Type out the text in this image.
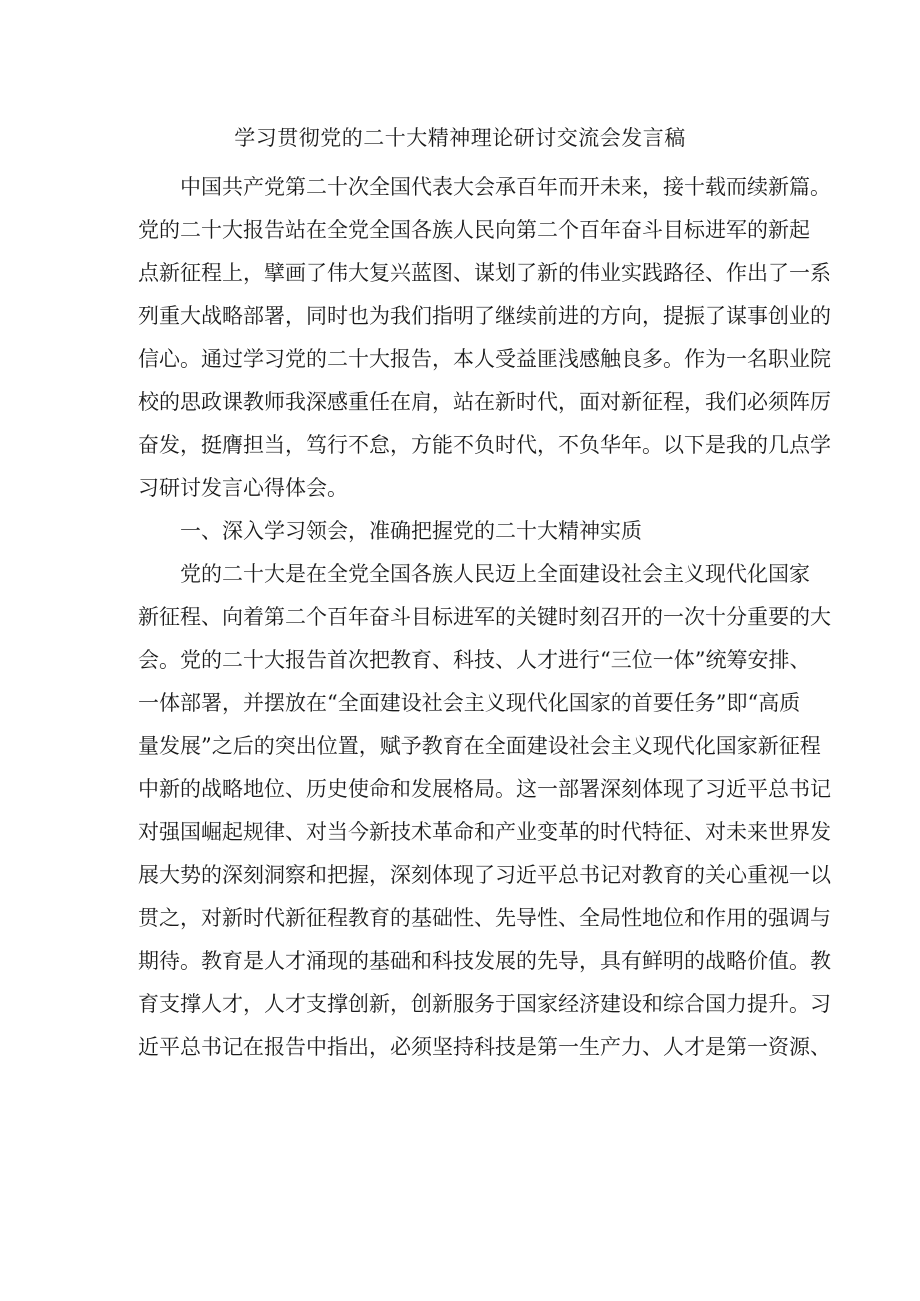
学习贯彻党的二十大精神理论研讨交流会发言稿
中国共产党第二十次全国代表大会承百年而开未来，接十载而续新篇。
党的二十大报告站在全党全国各族人民向第二个百年奋斗目标进军的新起
点新征程上，擘画了伟大复兴蓝图、谋划了新的伟业实践路径、作出了一系
列重大战略部署，同时也为我们指明了继续前进的方向，提振了谋事创业的
信心。通过学习党的二十大报告，本人受益匪浅感触良多。作为一名职业院
校的思政课教师我深感重任在肩，站在新时代，面对新征程，我们必须阵厉
奋发，挺膺担当，笃行不怠，方能不负时代，不负华年。以下是我的几点学
习研讨发言心得体会。
一、深入学习领会，准确把握党的二十大精神实质
党的二十大是在全党全国各族人民迈上全面建设社会主义现代化国家
新征程、向着第二个百年奋斗目标进军的关键时刻召开的一次十分重要的大
会。党的二十大报告首次把教育、科技、人才进行“三位一体”统筹安排、
一体部署，并摆放在“全面建设社会主义现代化国家的首要任务”即“高质
量发展”之后的突出位置，赋予教育在全面建设社会主义现代化国家新征程
中新的战略地位、历史使命和发展格局。这一部署深刻体现了习近平总书记
对强国崛起规律、对当今新技术革命和产业变革的时代特征、对未来世界发
展大势的深刻洞察和把握，深刻体现了习近平总书记对教育的关心重视一以
贯之，对新时代新征程教育的基础性、先导性、全局性地位和作用的强调与
期待。教育是人才涌现的基础和科技发展的先导，具有鲜明的战略价值。教
育支撑人才，人才支撑创新，创新服务于国家经济建设和综合国力提升。习
近平总书记在报告中指出，必须坚持科技是第一生产力、人才是第一资源、
